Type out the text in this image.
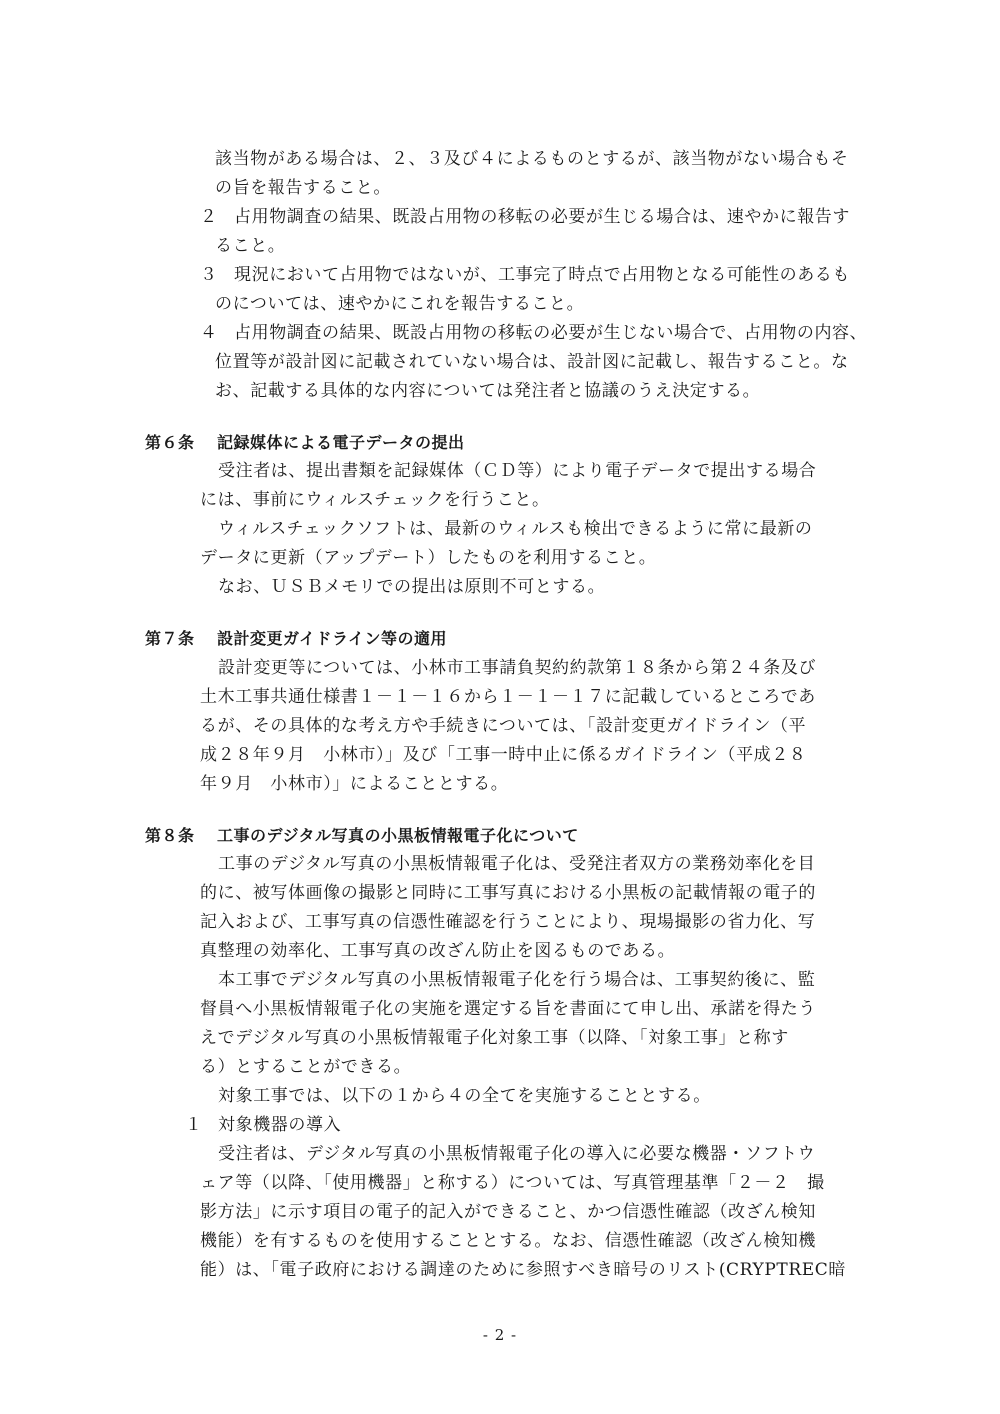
該当物がある場合は、２、３及び４によるものとするが、該当物がない場合もそ
の旨を報告すること。
２ 占用物調査の結果、既設占用物の移転の必要が生じる場合は、速やかに報告す
ること。
３ 現況において占用物ではないが、工事完了時点で占用物となる可能性のあるも
のについては、速やかにこれを報告すること。
４ 占用物調査の結果、既設占用物の移転の必要が生じない場合で、占用物の内容、
位置等が設計図に記載されていない場合は、設計図に記載し、報告すること。な
お、記載する具体的な内容については発注者と協議のうえ決定する。
第６条 記録媒体による電子データの提出
受注者は、提出書類を記録媒体（ＣＤ等）により電子データで提出する場合
には、事前にウィルスチェックを行うこと。
ウィルスチェックソフトは、最新のウィルスも検出できるように常に最新の
データに更新（アップデート）したものを利用すること。
なお、ＵＳＢメモリでの提出は原則不可とする。
第７条 設計変更ガイドライン等の適用
設計変更等については、小林市工事請負契約約款第１８条から第２４条及び
土木工事共通仕様書１－１－１６から１－１－１７に記載しているところであ
るが、その具体的な考え方や手続きについては、「設計変更ガイドライン（平
成２８年９月　小林市）」及び「工事一時中止に係るガイドライン（平成２８
年９月　小林市）」によることとする。
第８条 工事のデジタル写真の小黒板情報電子化について
工事のデジタル写真の小黒板情報電子化は、受発注者双方の業務効率化を目
的に、被写体画像の撮影と同時に工事写真における小黒板の記載情報の電子的
記入および、工事写真の信憑性確認を行うことにより、現場撮影の省力化、写
真整理の効率化、工事写真の改ざん防止を図るものである。
本工事でデジタル写真の小黒板情報電子化を行う場合は、工事契約後に、監
督員へ小黒板情報電子化の実施を選定する旨を書面にて申し出、承諾を得たう
えでデジタル写真の小黒板情報電子化対象工事（以降、「対象工事」と称す
る）とすることができる。
対象工事では、以下の１から４の全てを実施することとする。
１ 対象機器の導入
受注者は、デジタル写真の小黒板情報電子化の導入に必要な機器・ソフトウ
ェア等（以降、「使用機器」と称する）については、写真管理基準「２－２　撮
影方法」に示す項目の電子的記入ができること、かつ信憑性確認（改ざん検知
機能）を有するものを使用することとする。なお、信憑性確認（改ざん検知機
能）は、「電子政府における調達のために参照すべき暗号のリスト(CRYPTREC暗
- 2 -
